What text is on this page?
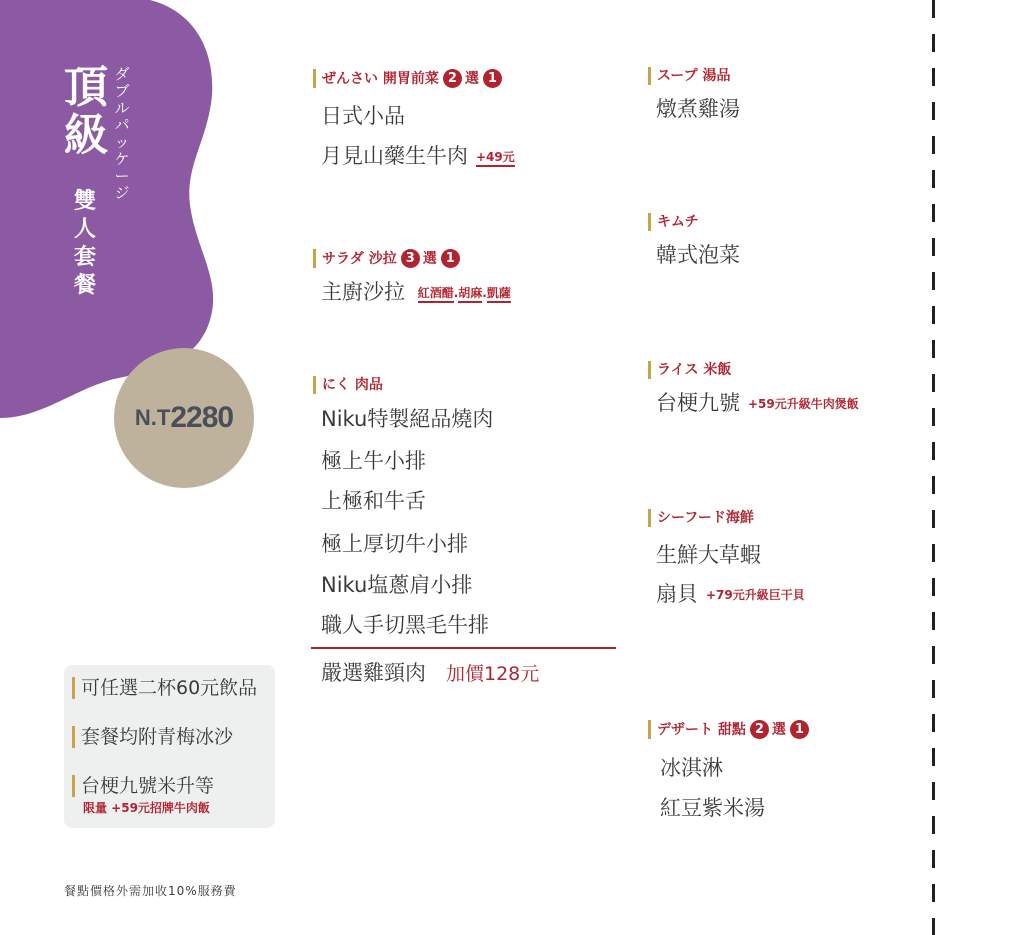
頂級
ダブルパッケージ
雙人套餐
N.T 2280
可任選二杯60元飲品
套餐均附青梅冰沙
台梗九號米升等
限量 +59元招牌牛肉飯
餐點價格外需加收10%服務費
ぜんさい
開胃前菜 2 選 1
日式小品
月見山藥生牛肉 +49元
サラダ
沙拉 3 選 1
主廚沙拉 紅酒醋.胡麻.凱薩
にく
肉品
Niku特製絕品燒肉
極上牛小排
上極和牛舌
極上厚切牛小排
Niku塩蔥肩小排
職人手切黑毛牛排
嚴選雞頸肉 加價128元
スープ
湯品
燉煮雞湯
キムチ
韓式泡菜
ライス
米飯
台梗九號 +59元升級牛肉煲飯
シーフード 海鮮
生鮮大草蝦
扇貝 +79元升級巨干貝
デザート
甜點 2 選 1
冰淇淋
紅豆紫米湯
